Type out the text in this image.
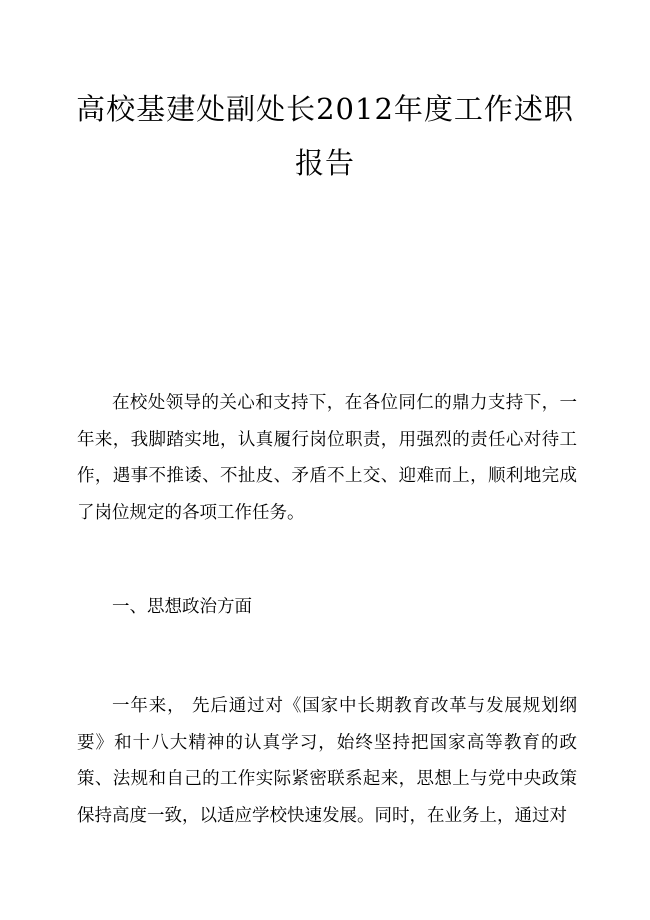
高校基建处副处长2012年度工作述职
报告

在校处领导的关心和支持下，在各位同仁的鼎力支持下，一年来，我脚踏实地，认真履行岗位职责，用强烈的责任心对待工作，遇事不推诿、不扯皮、矛盾不上交、迎难而上，顺利地完成了岗位规定的各项工作任务。

一、思想政治方面

一年来， 先后通过对《国家中长期教育改革与发展规划纲要》和十八大精神的认真学习，始终坚持把国家高等教育的政策、法规和自己的工作实际紧密联系起来，思想上与党中央政策保持高度一致，以适应学校快速发展。同时，在业务上，通过对
